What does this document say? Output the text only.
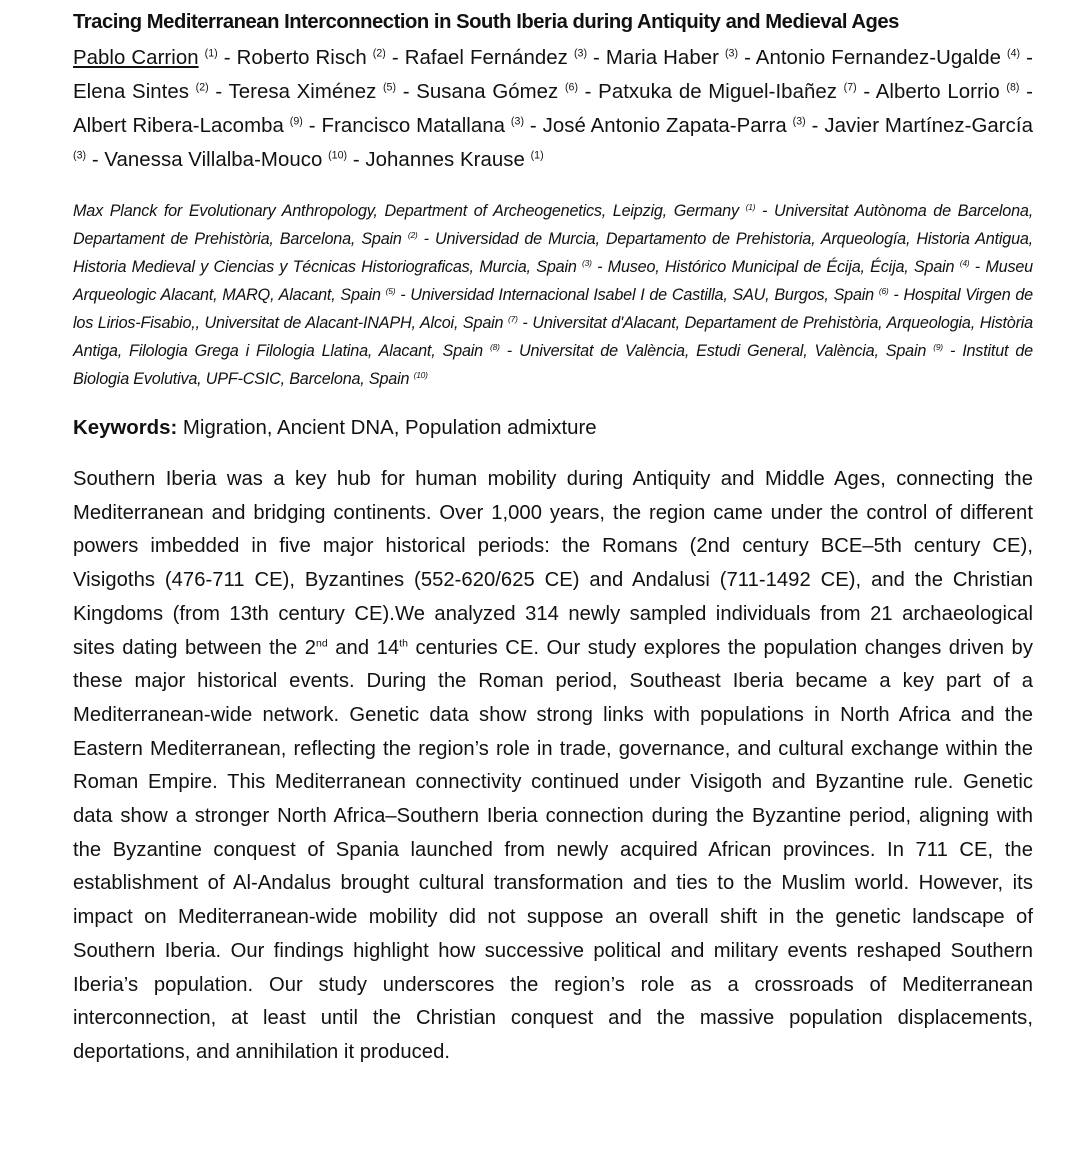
Tracing Mediterranean Interconnection in South Iberia during Antiquity and Medieval Ages

Pablo Carrion $^{(1)}$ - Roberto Risch $^{(2)}$ - Rafael Fernández $^{(3)}$ - Maria Haber $^{(3)}$ - Antonio Fernandez-Ugalde $^{(4)}$ - Elena Sintes $^{(2)}$ - Teresa Ximénez $^{(5)}$ - Susana Gómez $^{(6)}$ - Patxuka de Miguel-Ibañez $^{(7)}$ - Alberto Lorrio $^{(8)}$ - Albert Ribera-Lacomba $^{(9)}$ - Francisco Matallana $^{(3)}$ - José Antonio Zapata-Parra $^{(3)}$ - Javier Martínez-García $^{(3)}$ - Vanessa Villalba-Mouco $^{(10)}$ - Johannes Krause $^{(1)}$

Max Planck for Evolutionary Anthropology, Department of Archeogenetics, Leipzig, Germany $^{(1)}$ - Universitat Autònoma de Barcelona, Departament de Prehistòria, Barcelona, Spain $^{(2)}$ - Universidad de Murcia, Departamento de Prehistoria, Arqueología, Historia Antigua, Historia Medieval y Ciencias y Técnicas Historiograficas, Murcia, Spain $^{(3)}$ - Museo, Histórico Municipal de Écija, Écija, Spain $^{(4)}$ - Museu Arqueologic Alacant, MARQ, Alacant, Spain $^{(5)}$ - Universidad Internacional Isabel I de Castilla, SAU, Burgos, Spain $^{(6)}$ - Hospital Virgen de los Lirios-Fisabio,, Universitat de Alacant-INAPH, Alcoi, Spain $^{(7)}$ - Universitat d'Alacant, Departament de Prehistòria, Arqueologia, Història Antiga, Filologia Grega i Filologia Llatina, Alacant, Spain $^{(8)}$ - Universitat de València, Estudi General, València, Spain $^{(9)}$ - Institut de Biologia Evolutiva, UPF-CSIC, Barcelona, Spain $^{(10)}$

Keywords: Migration, Ancient DNA, Population admixture

Southern Iberia was a key hub for human mobility during Antiquity and Middle Ages, connecting the Mediterranean and bridging continents. Over 1,000 years, the region came under the control of different powers imbedded in five major historical periods: the Romans (2nd century BCE–5th century CE), Visigoths (476-711 CE), Byzantines (552-620/625 CE) and Andalusi (711-1492 CE), and the Christian Kingdoms (from 13th century CE).We analyzed 314 newly sampled individuals from 21 archaeological sites dating between the 2nd and 14th centuries CE. Our study explores the population changes driven by these major historical events. During the Roman period, Southeast Iberia became a key part of a Mediterranean-wide network. Genetic data show strong links with populations in North Africa and the Eastern Mediterranean, reflecting the region’s role in trade, governance, and cultural exchange within the Roman Empire. This Mediterranean connectivity continued under Visigoth and Byzantine rule. Genetic data show a stronger North Africa–Southern Iberia connection during the Byzantine period, aligning with the Byzantine conquest of Spania launched from newly acquired African provinces. In 711 CE, the establishment of Al-Andalus brought cultural transformation and ties to the Muslim world. However, its impact on Mediterranean-wide mobility did not suppose an overall shift in the genetic landscape of Southern Iberia. Our findings highlight how successive political and military events reshaped Southern Iberia’s population. Our study underscores the region’s role as a crossroads of Mediterranean interconnection, at least until the Christian conquest and the massive population displacements, deportations, and annihilation it produced.
